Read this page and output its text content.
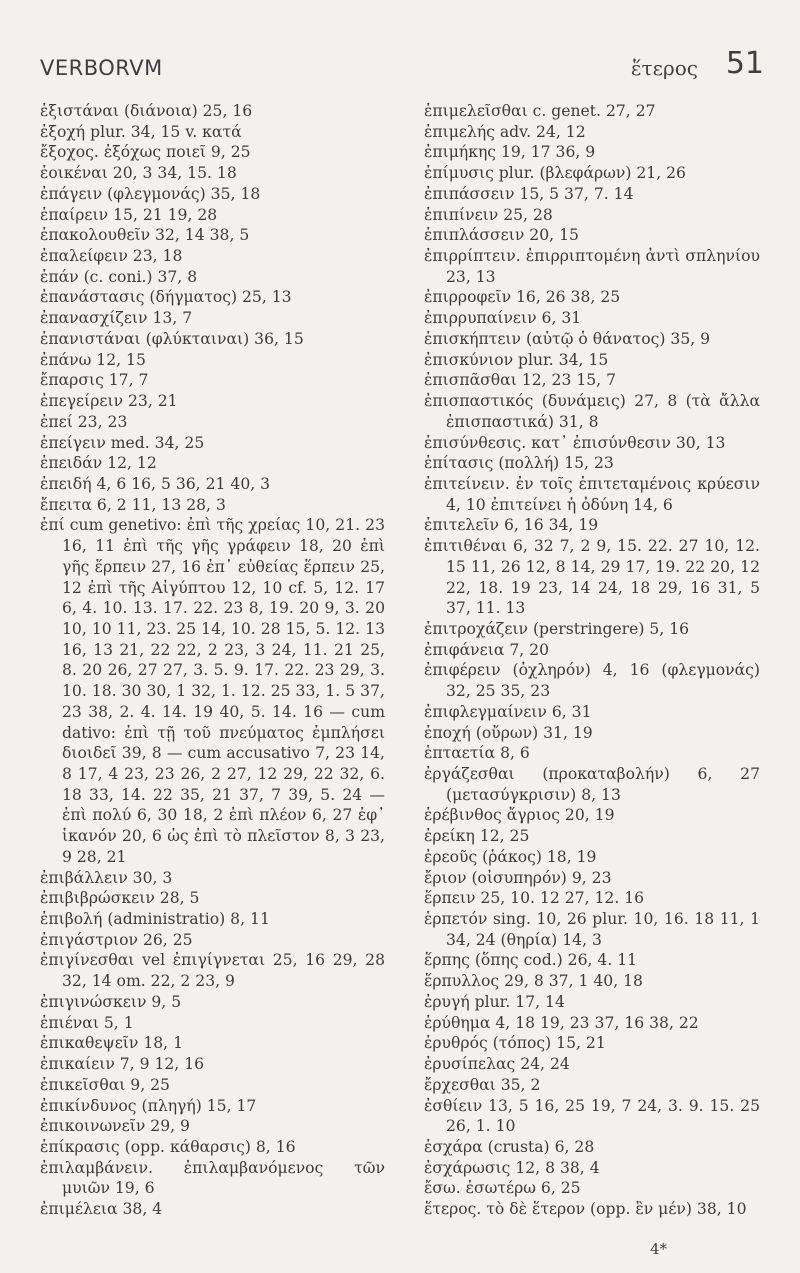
VERBORVM	ἕτερος 51

ἐξιστάναι (διάνοια) 25, 16

ἐξοχή plur. 34, 15 v. κατά

ἔξοχος. ἐξόχως ποιεῖ 9, 25

ἐοικέναι 20, 3 34, 15. 18

ἐπάγειν (φλεγμονάς) 35, 18

ἐπαίρειν 15, 21 19, 28

ἐπακολουθεῖν 32, 14 38, 5

ἐπαλείφειν 23, 18

ἐπάν (c. coni.) 37, 8

ἐπανάστασις (δήγματος) 25, 13

ἐπανασχίζειν 13, 7

ἐπανιστάναι (φλύκταιναι) 36, 15

ἐπάνω 12, 15

ἔπαρσις 17, 7

ἐπεγείρειν 23, 21

ἐπεί 23, 23

ἐπείγειν med. 34, 25

ἐπειδάν 12, 12

ἐπειδή 4, 6 16, 5 36, 21 40, 3

ἔπειτα 6, 2 11, 13 28, 3

ἐπί cum genetivo: ἐπὶ τῆς χρείας 10, 21. 23 16, 11 ἐπὶ τῆς γῆς γράφειν 18, 20 ἐπὶ γῆς ἕρπειν 27, 16 ἐπ᾽ εὐθείας ἕρπειν 25, 12 ἐπὶ τῆς Αἰγύπτου 12, 10 cf. 5, 12. 17 6, 4. 10. 13. 17. 22. 23 8, 19. 20 9, 3. 20 10, 10 11, 23. 25 14, 10. 28 15, 5. 12. 13 16, 13 21, 22 22, 2 23, 3 24, 11. 21 25, 8. 20 26, 27 27, 3. 5. 9. 17. 22. 23 29, 3. 10. 18. 30 30, 1 32, 1. 12. 25 33, 1. 5 37, 23 38, 2. 4. 14. 19 40, 5. 14. 16 — cum dativo: ἐπὶ τῇ τοῦ πνεύματος ἐμπλήσει διοιδεῖ 39, 8 — cum accusativo 7, 23 14, 8 17, 4 23, 23 26, 2 27, 12 29, 22 32, 6. 18 33, 14. 22 35, 21 37, 7 39, 5. 24 — ἐπὶ πολύ 6, 30 18, 2 ἐπὶ πλέον 6, 27 ἐφ᾽ ἱκανόν 20, 6 ὡς ἐπὶ τὸ πλεῖστον 8, 3 23, 9 28, 21

ἐπιβάλλειν 30, 3

ἐπιβιβρώσκειν 28, 5

ἐπιβολή (administratio) 8, 11

ἐπιγάστριον 26, 25

ἐπιγίνεσθαι vel ἐπιγίγνεται 25, 16 29, 28 32, 14 om. 22, 2 23, 9

ἐπιγινώσκειν 9, 5

ἐπιέναι 5, 1

ἐπικαθεψεῖν 18, 1

ἐπικαίειν 7, 9 12, 16

ἐπικεῖσθαι 9, 25

ἐπικίνδυνος (πληγή) 15, 17

ἐπικοινωνεῖν 29, 9

ἐπίκρασις (opp. κάθαρσις) 8, 16

ἐπιλαμβάνειν. ἐπιλαμβανόμενος τῶν μυιῶν 19, 6

ἐπιμέλεια 38, 4

ἐπιμελεῖσθαι c. genet. 27, 27

ἐπιμελής adv. 24, 12

ἐπιμήκης 19, 17 36, 9

ἐπίμυσις plur. (βλεφάρων) 21, 26

ἐπιπάσσειν 15, 5 37, 7. 14

ἐπιπίνειν 25, 28

ἐπιπλάσσειν 20, 15

ἐπιρρίπτειν. ἐπιρριπτομένη ἀντὶ σπληνίου 23, 13

ἐπιρροφεῖν 16, 26 38, 25

ἐπιρρυπαίνειν 6, 31

ἐπισκήπτειν (αὐτῷ ὁ θάνατος) 35, 9

ἐπισκύνιον plur. 34, 15

ἐπισπᾶσθαι 12, 23 15, 7

ἐπισπαστικός (δυνάμεις) 27, 8 (τὰ ἄλλα ἐπισπαστικά) 31, 8

ἐπισύνθεσις. κατ᾽ ἐπισύνθεσιν 30, 13

ἐπίτασις (πολλή) 15, 23

ἐπιτείνειν. ἐν τοῖς ἐπιτεταμένοις κρύεσιν 4, 10 ἐπιτείνει ἡ ὀδύνη 14, 6

ἐπιτελεῖν 6, 16 34, 19

ἐπιτιθέναι 6, 32 7, 2 9, 15. 22. 27 10, 12. 15 11, 26 12, 8 14, 29 17, 19. 22 20, 12 22, 18. 19 23, 14 24, 18 29, 16 31, 5 37, 11. 13

ἐπιτροχάζειν (perstringere) 5, 16

ἐπιφάνεια 7, 20

ἐπιφέρειν (ὀχληρόν) 4, 16 (φλεγμονάς) 32, 25 35, 23

ἐπιφλεγμαίνειν 6, 31

ἐποχή (οὔρων) 31, 19

ἑπταετία 8, 6

ἐργάζεσθαι (προκαταβολήν) 6, 27 (μετασύγκρισιν) 8, 13

ἐρέβινθος ἄγριος 20, 19

ἐρείκη 12, 25

ἐρεοῦς (ῥάκος) 18, 19

ἔριον (οἰσυπηρόν) 9, 23

ἕρπειν 25, 10. 12 27, 12. 16

ἑρπετόν sing. 10, 26 plur. 10, 16. 18 11, 1 34, 24 (θηρία) 14, 3

ἕρπης (ὅπης cod.) 26, 4. 11

ἕρπυλλος 29, 8 37, 1 40, 18

ἐρυγή plur. 17, 14

ἐρύθημα 4, 18 19, 23 37, 16 38, 22

ἐρυθρός (τόπος) 15, 21

ἐρυσίπελας 24, 24

ἔρχεσθαι 35, 2

ἐσθίειν 13, 5 16, 25 19, 7 24, 3. 9. 15. 25 26, 1. 10

ἐσχάρα (crusta) 6, 28

ἐσχάρωσις 12, 8 38, 4

ἔσω. ἐσωτέρω 6, 25

ἕτερος. τὸ δὲ ἕτερον (opp. ἓν μέν) 38, 10

4*
